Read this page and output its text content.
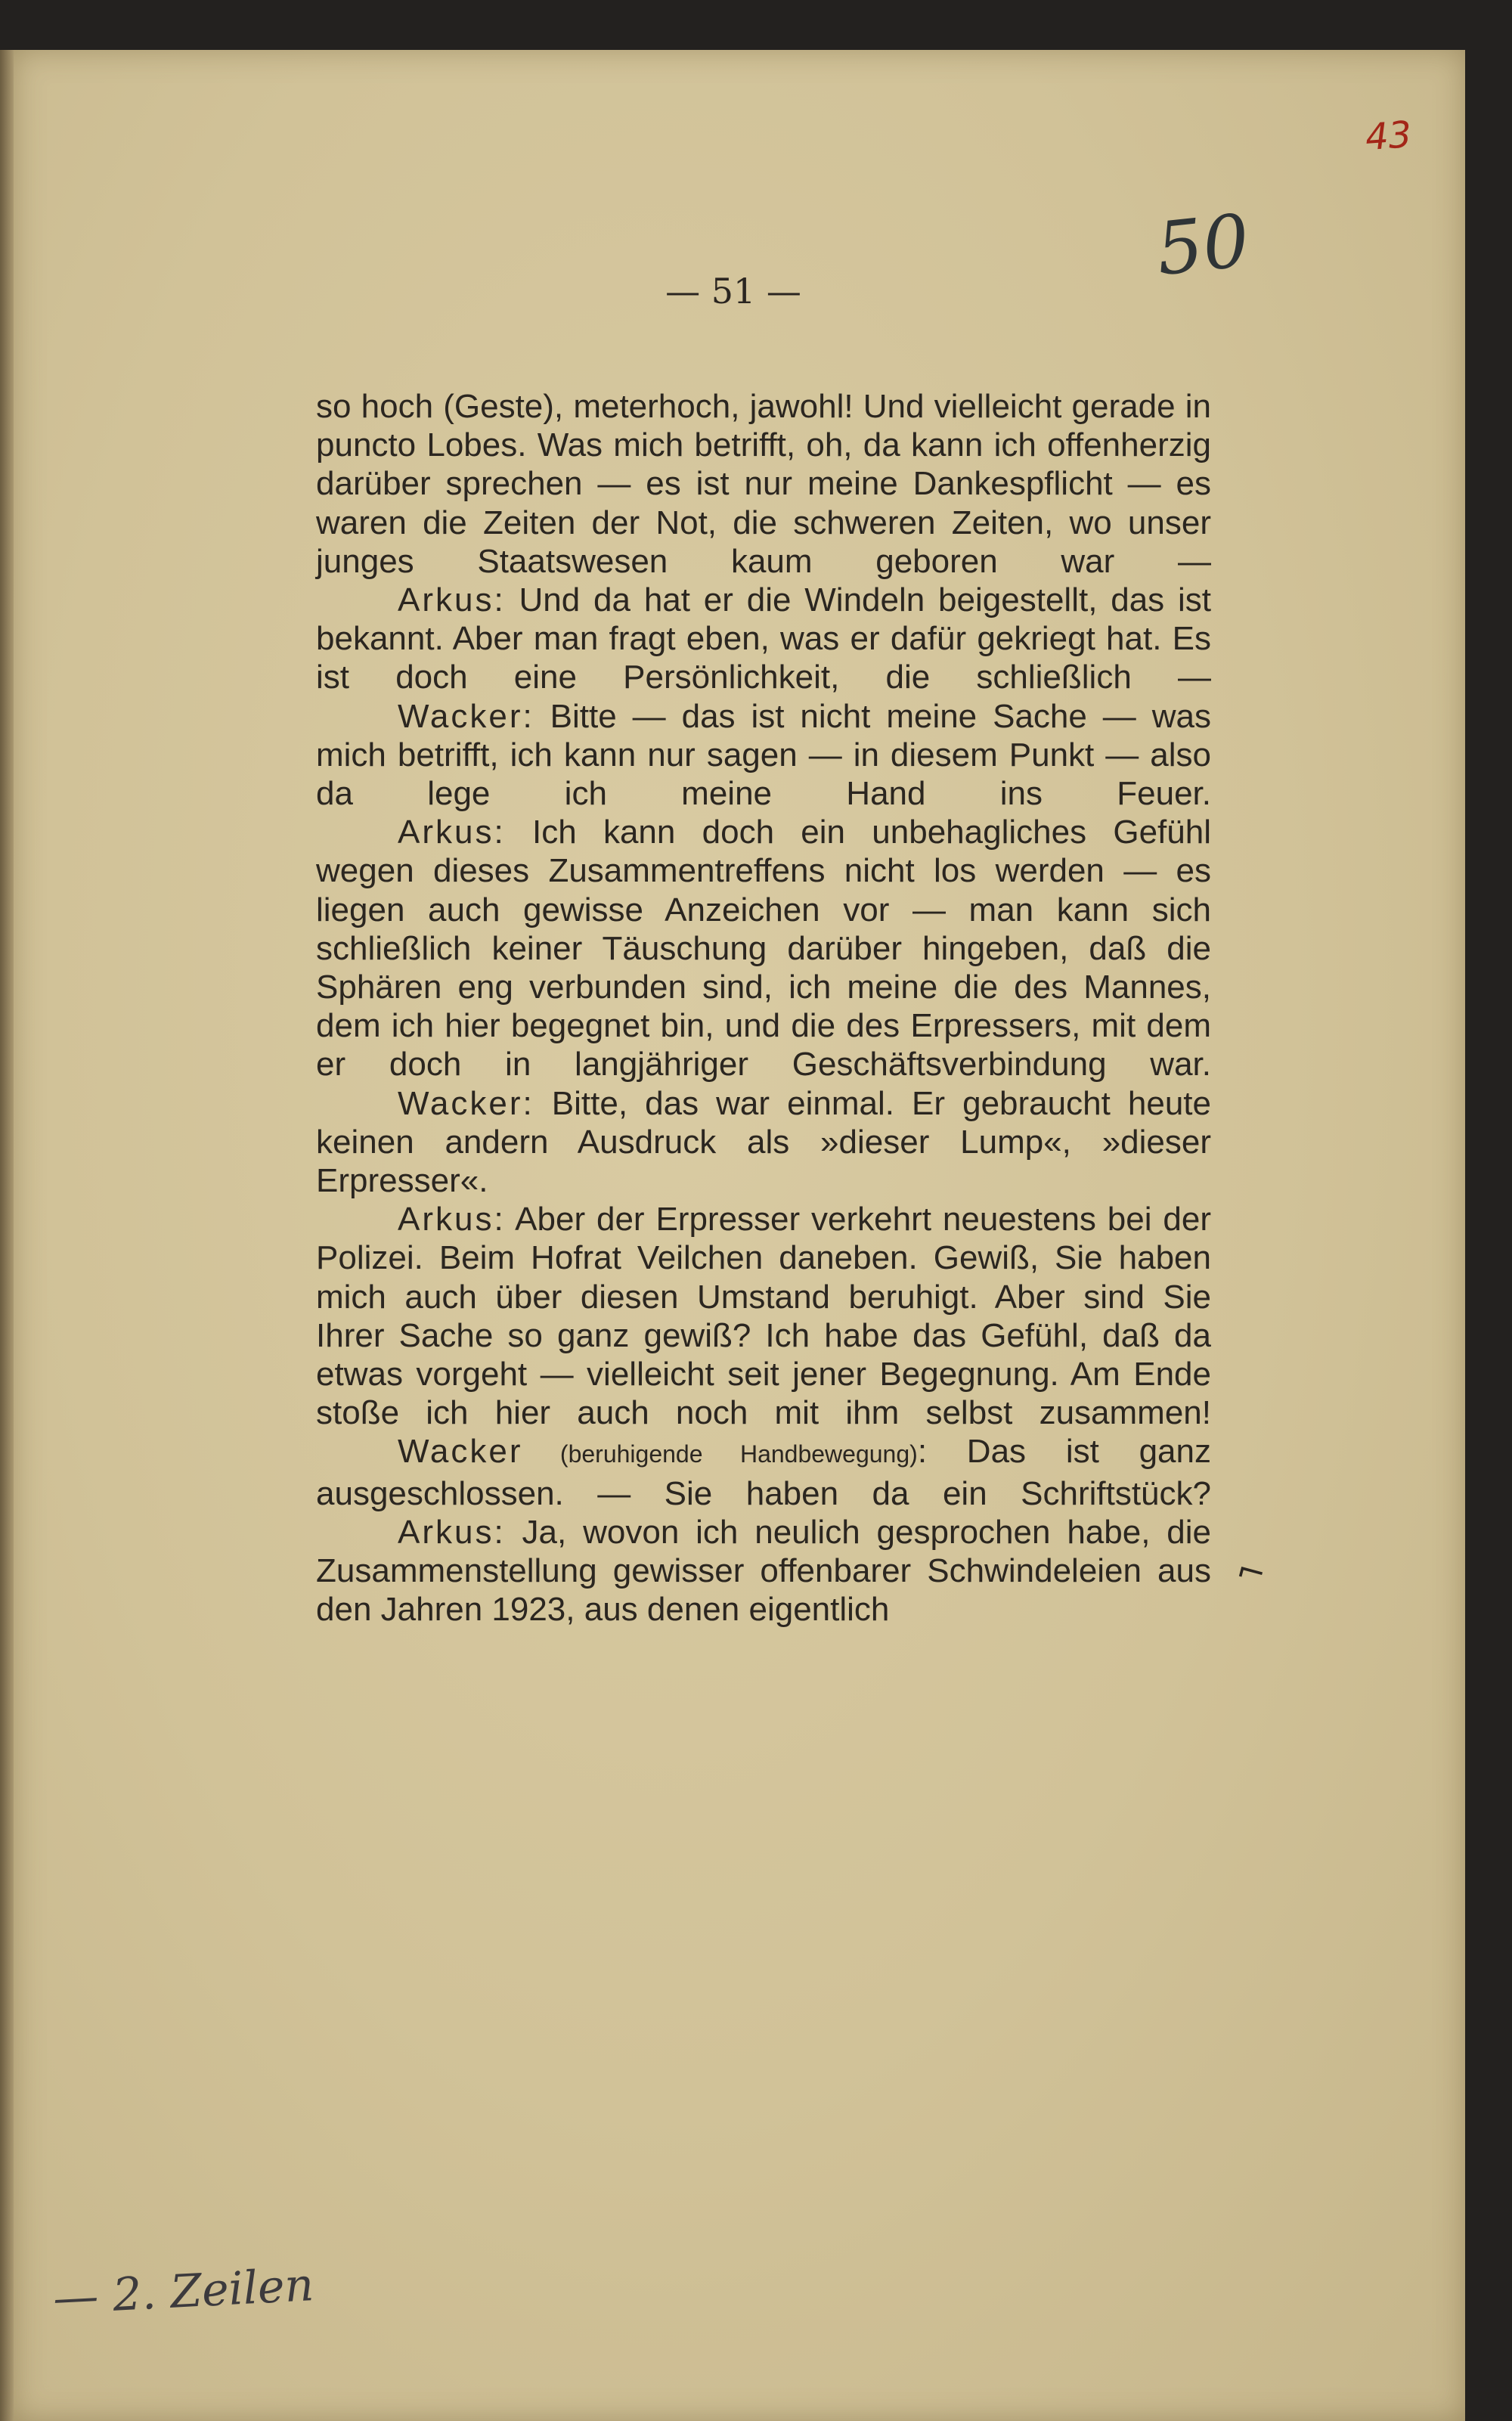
43
50
— 51 —

so hoch (Geste), meterhoch, jawohl! Und vielleicht gerade in puncto Lobes. Was mich betrifft, oh, da kann ich offenherzig darüber sprechen — es ist nur meine Dankespflicht — es waren die Zeiten der Not, die schweren Zeiten, wo unser junges Staatswesen kaum geboren war —

Arkus: Und da hat er die Windeln beigestellt, das ist bekannt. Aber man fragt eben, was er dafür gekriegt hat. Es ist doch eine Persönlichkeit, die schließlich —

Wacker: Bitte — das ist nicht meine Sache — was mich betrifft, ich kann nur sagen — in diesem Punkt — also da lege ich meine Hand ins Feuer.

Arkus: Ich kann doch ein unbehagliches Gefühl wegen dieses Zusammentreffens nicht los werden — es liegen auch gewisse Anzeichen vor — man kann sich schließlich keiner Täuschung darüber hingeben, daß die Sphären eng verbunden sind, ich meine die des Mannes, dem ich hier begegnet bin, und die des Erpressers, mit dem er doch in langjähriger Geschäftsverbindung war.

Wacker: Bitte, das war einmal. Er gebraucht heute keinen andern Ausdruck als »dieser Lump«, »dieser Erpresser«.

Arkus: Aber der Erpresser verkehrt neuestens bei der Polizei. Beim Hofrat Veilchen daneben. Gewiß, Sie haben mich auch über diesen Umstand beruhigt. Aber sind Sie Ihrer Sache so ganz gewiß? Ich habe das Gefühl, daß da etwas vorgeht — vielleicht seit jener Begegnung. Am Ende stoße ich hier auch noch mit ihm selbst zusammen!

Wacker (beruhigende Handbewegung): Das ist ganz ausgeschlossen. — Sie haben da ein Schriftstück?

Arkus: Ja, wovon ich neulich gesprochen habe, die Zusammenstellung gewisser offenbarer Schwindeleien aus den Jahren 1923, aus denen eigentlich

⌐
— 2. Zeilen
